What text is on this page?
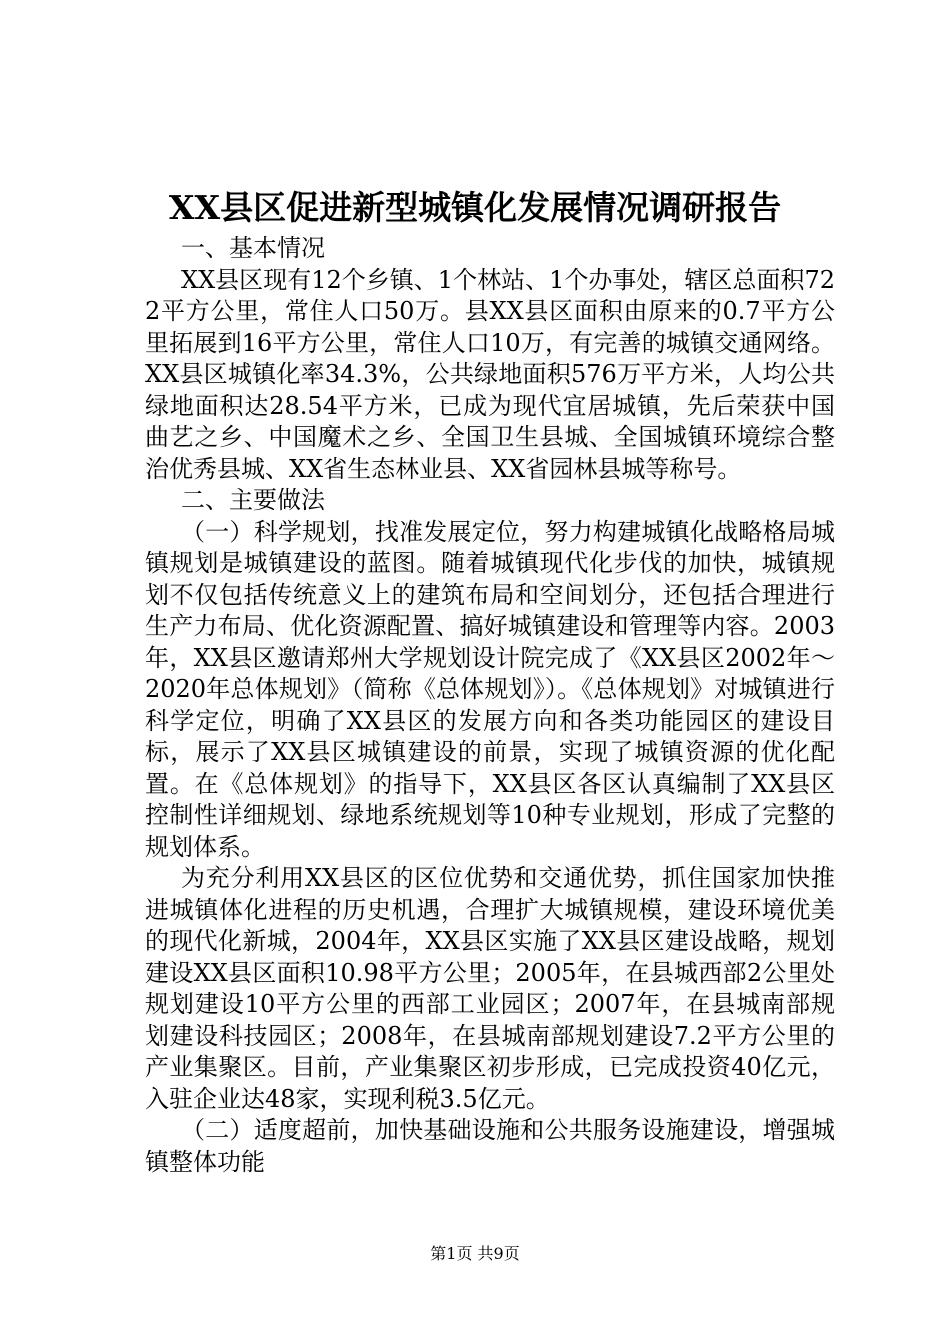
XX县区促进新型城镇化发展情况调研报告

一、基本情况

XX县区现有12个乡镇、1个林站、1个办事处，辖区总面积722平方公里，常住人口50万。县XX县区面积由原来的0.7平方公里拓展到16平方公里，常住人口10万，有完善的城镇交通网络。XX县区城镇化率34.3%，公共绿地面积576万平方米，人均公共绿地面积达28.54平方米，已成为现代宜居城镇，先后荣获中国曲艺之乡、中国魔术之乡、全国卫生县城、全国城镇环境综合整治优秀县城、XX省生态林业县、XX省园林县城等称号。

二、主要做法

（一）科学规划，找准发展定位，努力构建城镇化战略格局城镇规划是城镇建设的蓝图。随着城镇现代化步伐的加快，城镇规划不仅包括传统意义上的建筑布局和空间划分，还包括合理进行生产力布局、优化资源配置、搞好城镇建设和管理等内容。2003年，XX县区邀请郑州大学规划设计院完成了《XX县区2002年～2020年总体规划》（简称《总体规划》）。《总体规划》对城镇进行科学定位，明确了XX县区的发展方向和各类功能园区的建设目标，展示了XX县区城镇建设的前景，实现了城镇资源的优化配置。在《总体规划》的指导下，XX县区各区认真编制了XX县区控制性详细规划、绿地系统规划等10种专业规划，形成了完整的规划体系。

为充分利用XX县区的区位优势和交通优势，抓住国家加快推进城镇体化进程的历史机遇，合理扩大城镇规模，建设环境优美的现代化新城，2004年，XX县区实施了XX县区建设战略，规划建设XX县区面积10.98平方公里；2005年，在县城西部2公里处规划建设10平方公里的西部工业园区；2007年，在县城南部规划建设科技园区；2008年，在县城南部规划建设7.2平方公里的产业集聚区。目前，产业集聚区初步形成，已完成投资40亿元，入驻企业达48家，实现利税3.5亿元。

（二）适度超前，加快基础设施和公共服务设施建设，增强城镇整体功能

第1页 共9页
